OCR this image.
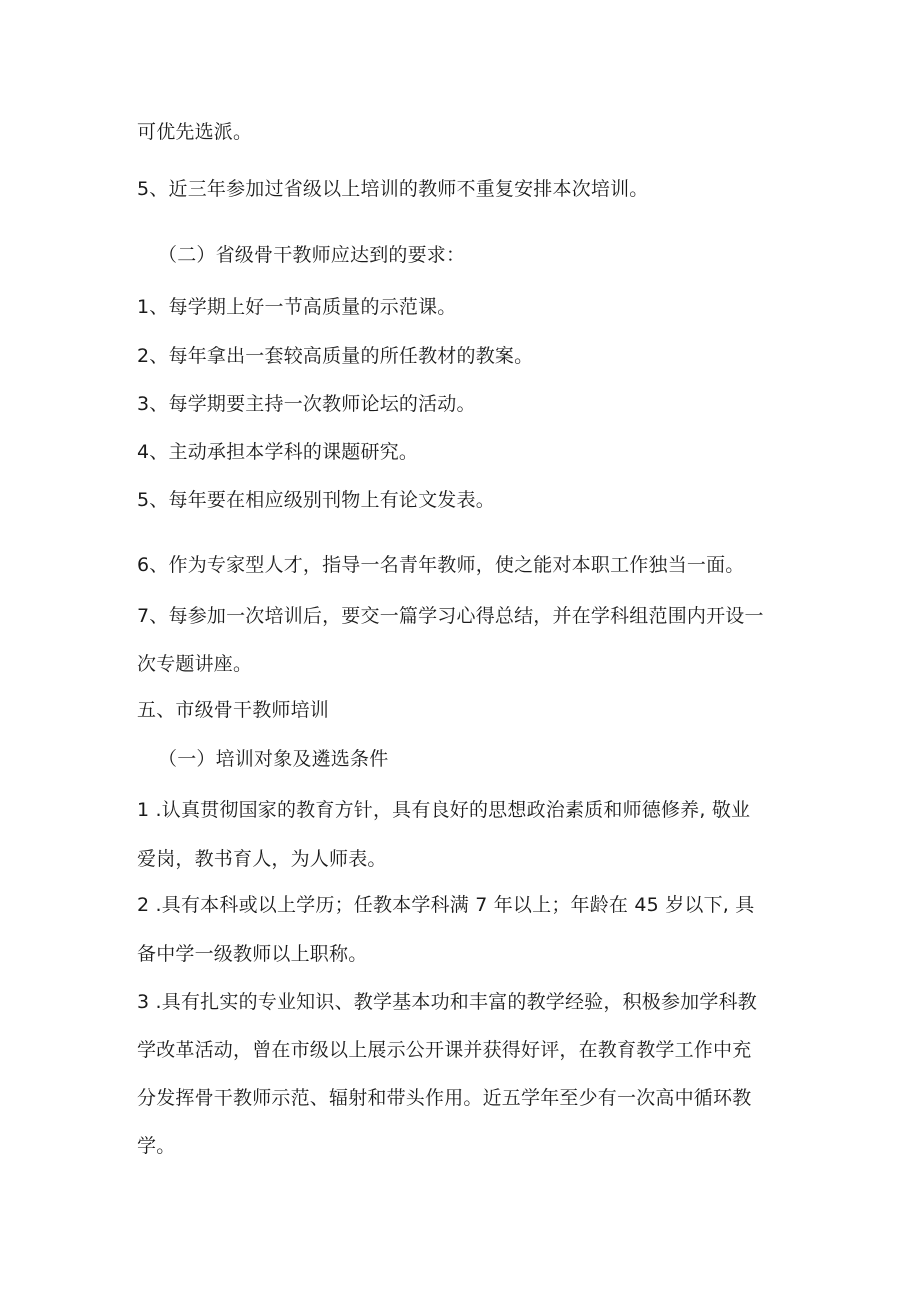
可优先选派。
5、近三年参加过省级以上培训的教师不重复安排本次培训。
（二）省级骨干教师应达到的要求：
1、每学期上好一节高质量的示范课。
2、每年拿出一套较高质量的所任教材的教案。
3、每学期要主持一次教师论坛的活动。
4、主动承担本学科的课题研究。
5、每年要在相应级别刊物上有论文发表。
6、作为专家型人才，指导一名青年教师，使之能对本职工作独当一面。
7、每参加一次培训后，要交一篇学习心得总结，并在学科组范围内开设一
次专题讲座。
五、市级骨干教师培训
（一）培训对象及遴选条件
1 .认真贯彻国家的教育方针，具有良好的思想政治素质和师德修养, 敬业
爱岗，教书育人，为人师表。
2 .具有本科或以上学历；任教本学科满 7 年以上；年龄在 45 岁以下, 具
备中学一级教师以上职称。
3 .具有扎实的专业知识、教学基本功和丰富的教学经验，积极参加学科教
学改革活动，曾在市级以上展示公开课并获得好评，在教育教学工作中充
分发挥骨干教师示范、辐射和带头作用。近五学年至少有一次高中循环教
学。
